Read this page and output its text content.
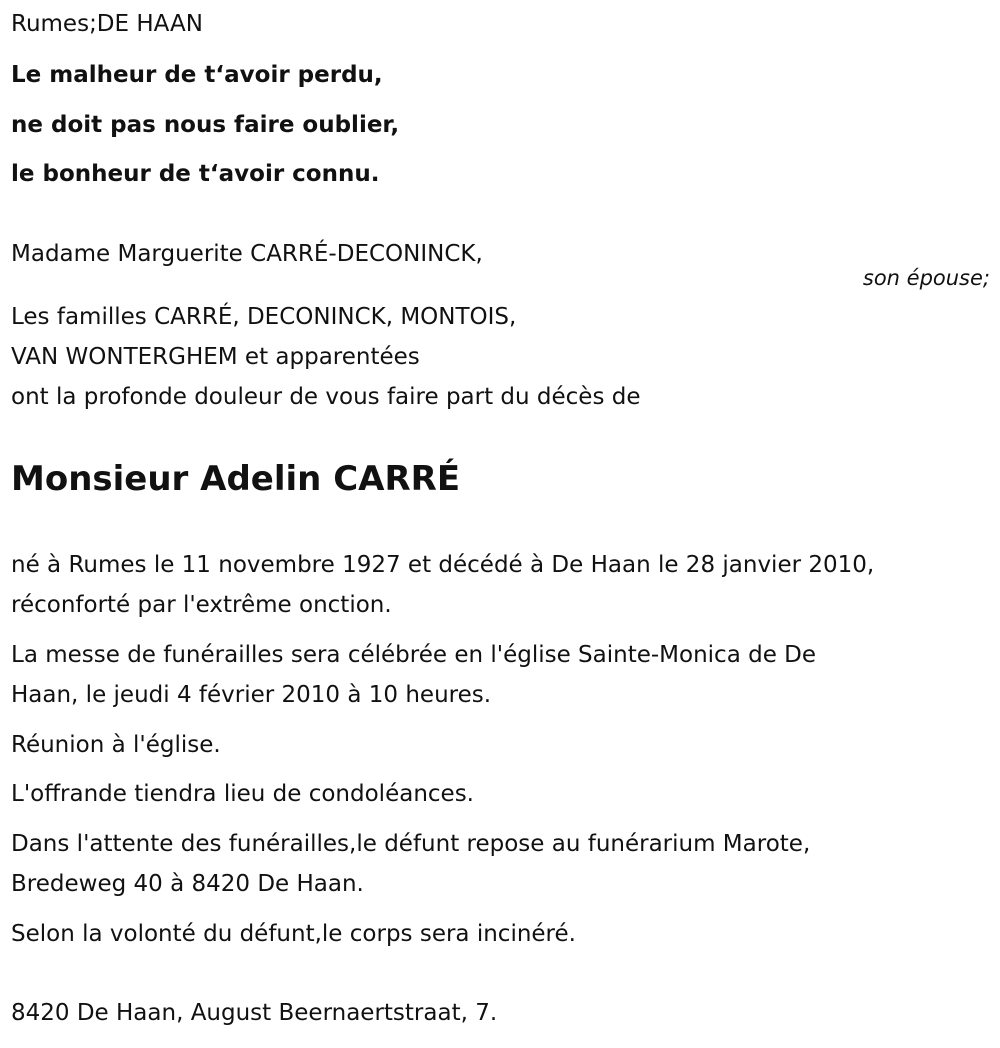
Rumes;DE HAAN
Le malheur de t‘avoir perdu,
ne doit pas nous faire oublier,
le bonheur de t‘avoir connu.
Madame Marguerite CARRÉ-DECONINCK,
son épouse;
Les familles CARRÉ, DECONINCK, MONTOIS,
VAN WONTERGHEM et apparentées
ont la profonde douleur de vous faire part du décès de
Monsieur Adelin CARRÉ
né à Rumes le 11 novembre 1927 et décédé à De Haan le 28 janvier 2010,
réconforté par l'extrême onction.
La messe de funérailles sera célébrée en l'église Sainte-Monica de De
Haan, le jeudi 4 février 2010 à 10 heures.
Réunion à l'église.
L'offrande tiendra lieu de condoléances.
Dans l'attente des funérailles,le défunt repose au funérarium Marote,
Bredeweg 40 à 8420 De Haan.
Selon la volonté du défunt,le corps sera incinéré.
8420 De Haan, August Beernaertstraat, 7.
